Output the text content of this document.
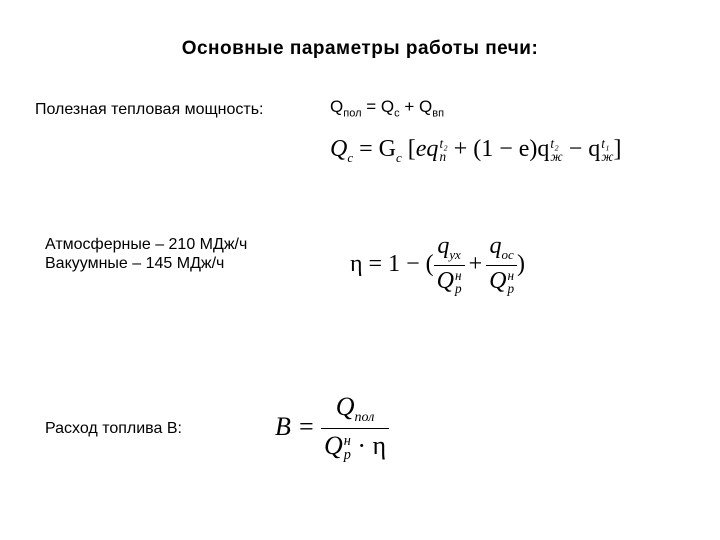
Основные параметры работы печи:
Полезная тепловая мощность:	$Q_{пол} = Q_с + Q_{вп}$
$Q_c = G_c$ [eq t₂
п + (1 − e)q t₂
ж − q t₁
ж ]
Атмосферные – 210 МДж/ч
Вакуумные – 145 МДж/ч	η = 1 − ( $q_{ух}$
Q н
$р + q_{ос}$
Q н
р )
Расход топлива B:	$B = Q_{пол}$
Q н
р · η
